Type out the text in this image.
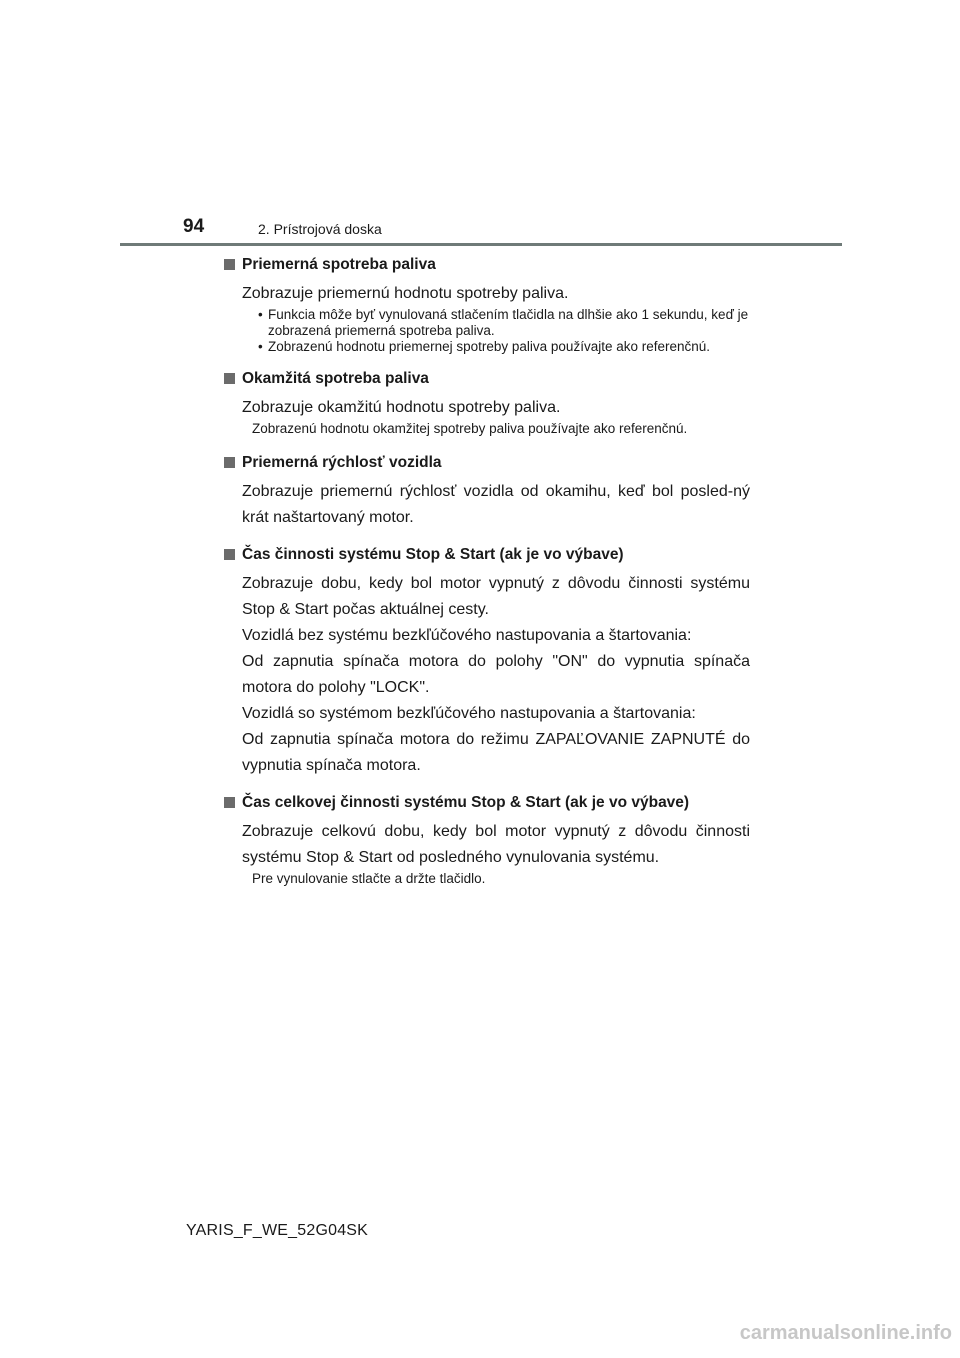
94	2. Prístrojová doska
Priemerná spotreba paliva

Zobrazuje priemernú hodnotu spotreby paliva.

• Funkcia môže byť vynulovaná stlačením tlačidla na dlhšie ako 1 sekundu, keď je zobrazená priemerná spotreba paliva.
• Zobrazenú hodnotu priemernej spotreby paliva používajte ako referenčnú.
Okamžitá spotreba paliva

Zobrazuje okamžitú hodnotu spotreby paliva.

Zobrazenú hodnotu okamžitej spotreby paliva používajte ako referenčnú.

Priemerná rýchlosť vozidla

Zobrazuje priemernú rýchlosť vozidla od okamihu, keď bol posled-ný krát naštartovaný motor.

Čas činnosti systému Stop & Start (ak je vo výbave)

Zobrazuje dobu, kedy bol motor vypnutý z dôvodu činnosti systému Stop & Start počas aktuálnej cesty.

Vozidlá bez systému bezkľúčového nastupovania a štartovania:

Od zapnutia spínača motora do polohy "ON" do vypnutia spínača motora do polohy "LOCK".

Vozidlá so systémom bezkľúčového nastupovania a štartovania:

Od zapnutia spínača motora do režimu ZAPAĽOVANIE ZAPNUTÉ do vypnutia spínača motora.

Čas celkovej činnosti systému Stop & Start (ak je vo výbave)

Zobrazuje celkovú dobu, kedy bol motor vypnutý z dôvodu činnosti systému Stop & Start od posledného vynulovania systému.

Pre vynulovanie stlačte a držte tlačidlo.

YARIS_F_WE_52G04SK
carmanualsonline.info
